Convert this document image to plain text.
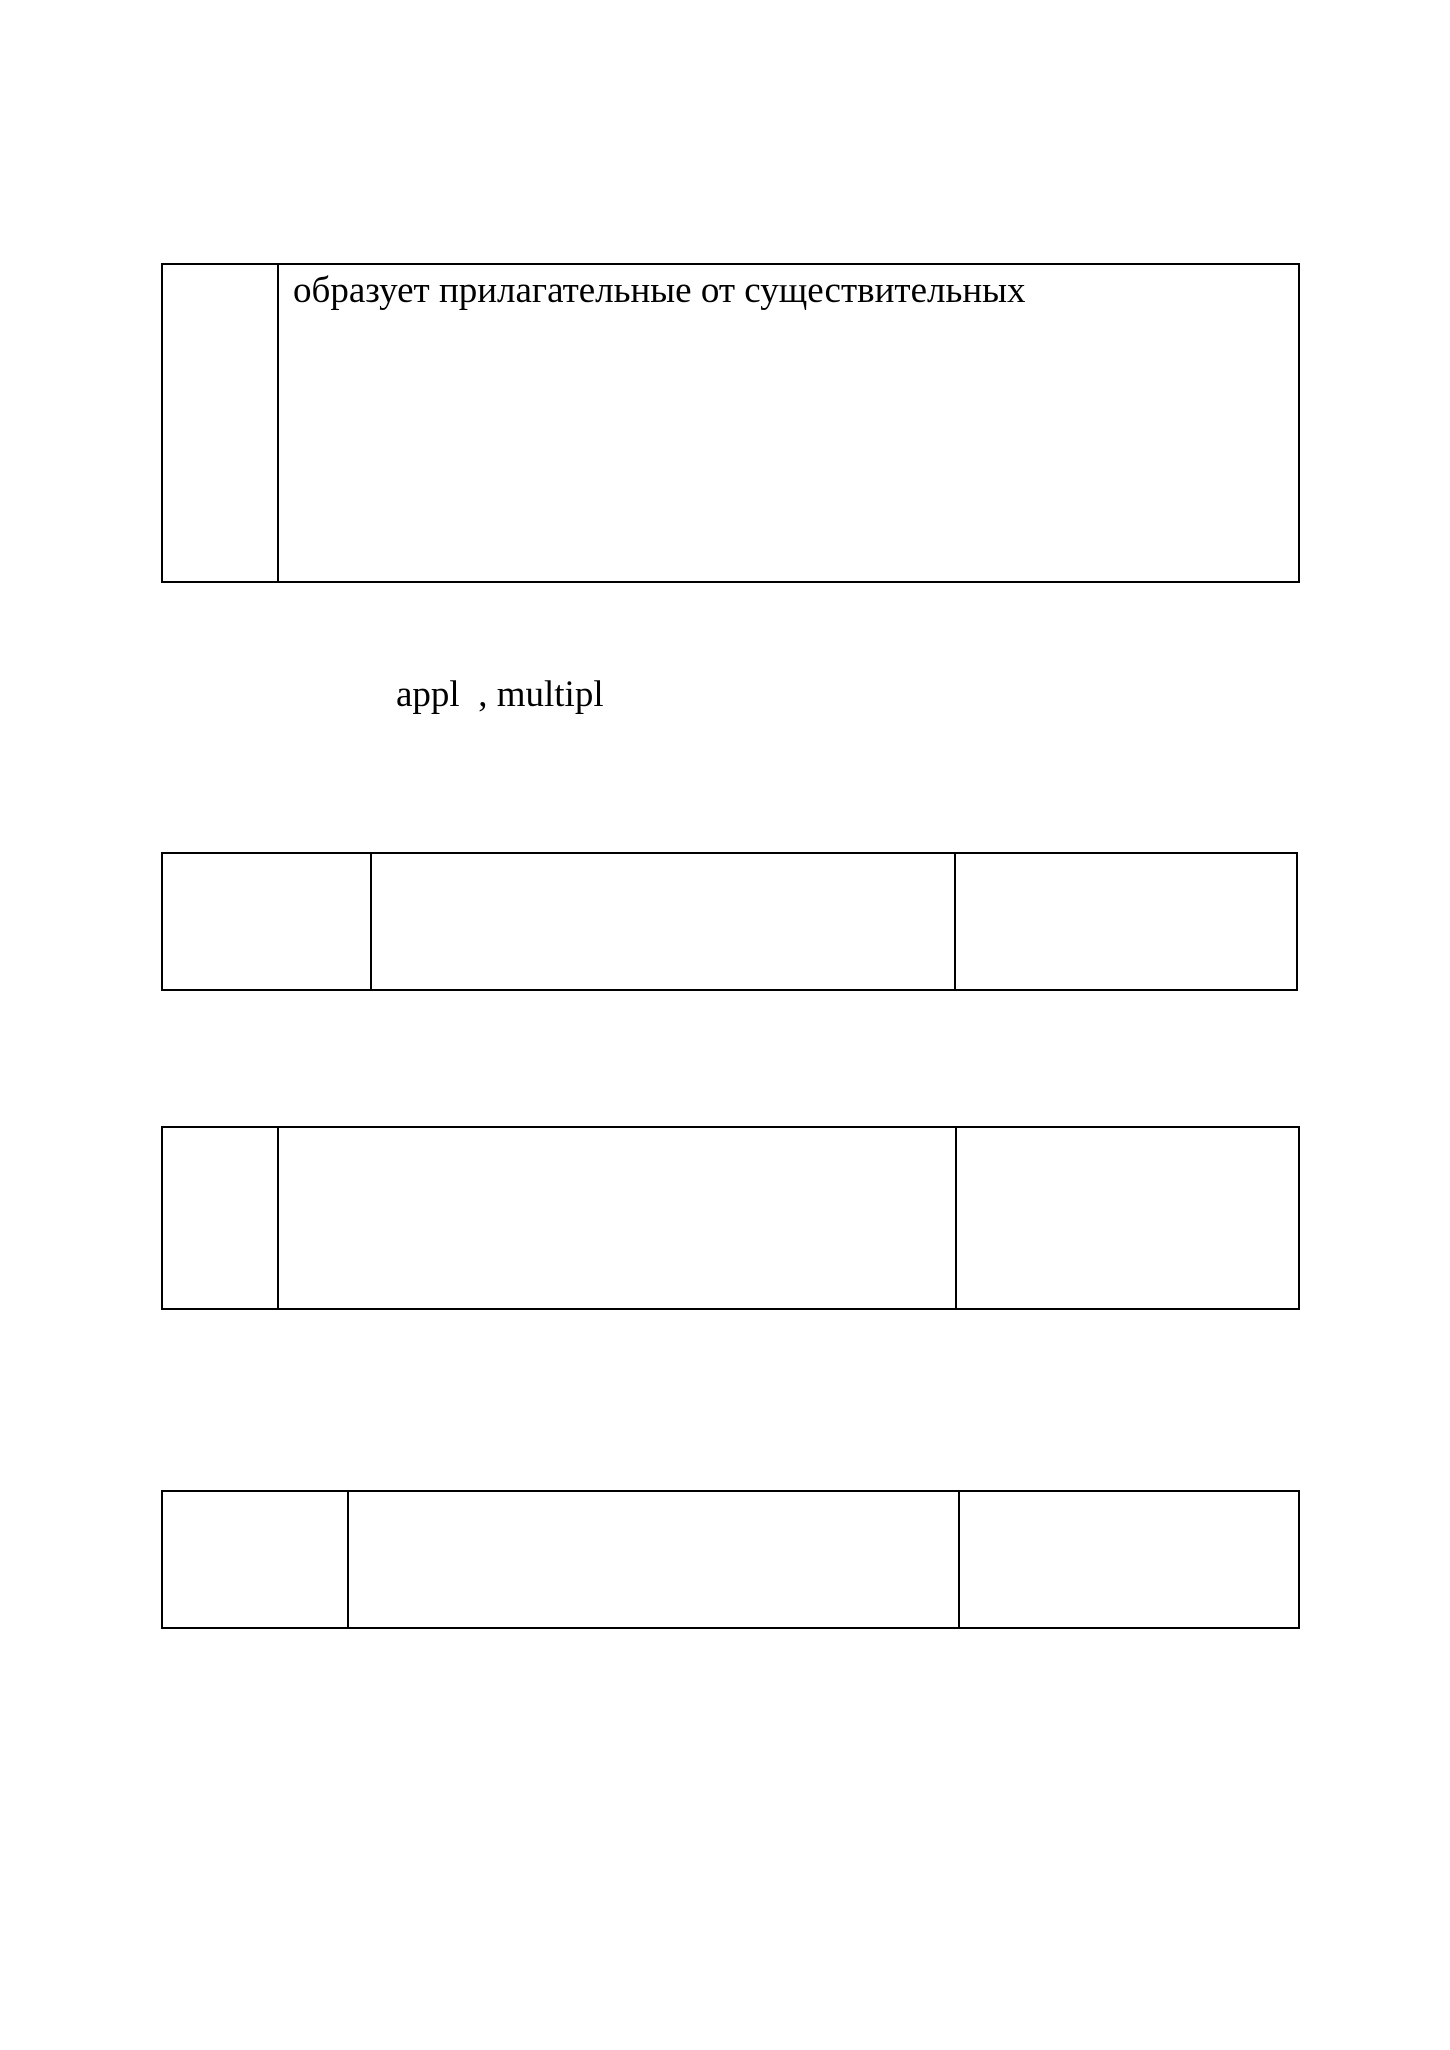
образует прилагательные от существительных
appl  , multipl
